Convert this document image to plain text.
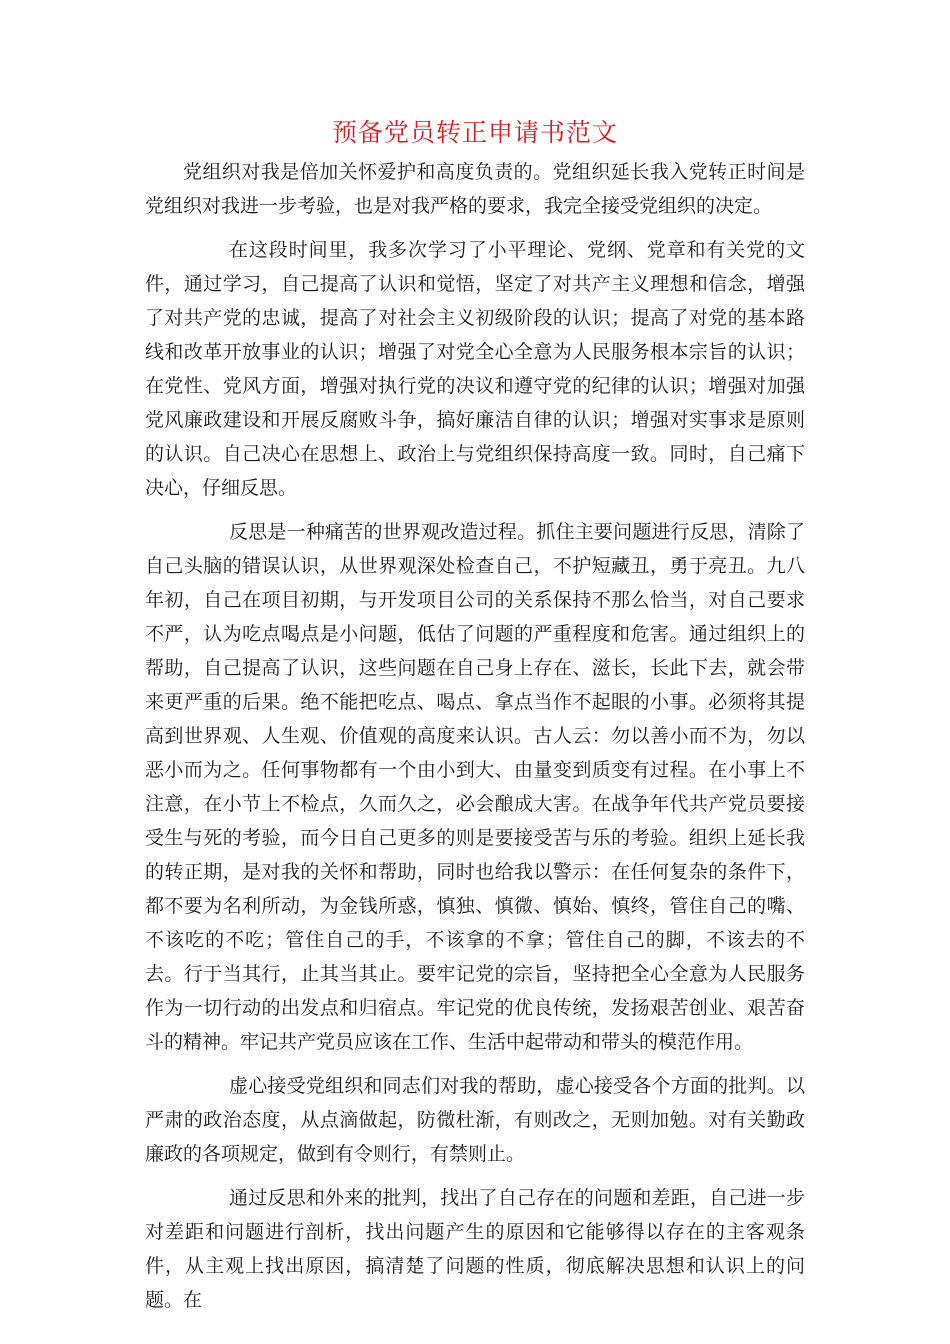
预备党员转正申请书范文

党组织对我是倍加关怀爱护和高度负责的。党组织延长我入党转正时间是党组织对我进一步考验，也是对我严格的要求，我完全接受党组织的决定。

在这段时间里，我多次学习了小平理论、党纲、党章和有关党的文件，通过学习，自己提高了认识和觉悟，坚定了对共产主义理想和信念，增强了对共产党的忠诚，提高了对社会主义初级阶段的认识；提高了对党的基本路线和改革开放事业的认识；增强了对党全心全意为人民服务根本宗旨的认识；在党性、党风方面，增强对执行党的决议和遵守党的纪律的认识；增强对加强党风廉政建设和开展反腐败斗争，搞好廉洁自律的认识；增强对实事求是原则的认识。自己决心在思想上、政治上与党组织保持高度一致。同时，自己痛下决心，仔细反思。

反思是一种痛苦的世界观改造过程。抓住主要问题进行反思，清除了自己头脑的错误认识，从世界观深处检查自己，不护短藏丑，勇于亮丑。九八年初，自己在项目初期，与开发项目公司的关系保持不那么恰当，对自己要求不严，认为吃点喝点是小问题，低估了问题的严重程度和危害。通过组织上的帮助，自己提高了认识，这些问题在自己身上存在、滋长，长此下去，就会带来更严重的后果。绝不能把吃点、喝点、拿点当作不起眼的小事。必须将其提高到世界观、人生观、价值观的高度来认识。古人云：勿以善小而不为，勿以恶小而为之。任何事物都有一个由小到大、由量变到质变有过程。在小事上不注意，在小节上不检点，久而久之，必会酿成大害。在战争年代共产党员要接受生与死的考验，而今日自己更多的则是要接受苦与乐的考验。组织上延长我的转正期，是对我的关怀和帮助，同时也给我以警示：在任何复杂的条件下，都不要为名利所动，为金钱所惑，慎独、慎微、慎始、慎终，管住自己的嘴、不该吃的不吃；管住自己的手，不该拿的不拿；管住自己的脚，不该去的不去。行于当其行，止其当其止。要牢记党的宗旨，坚持把全心全意为人民服务作为一切行动的出发点和归宿点。牢记党的优良传统，发扬艰苦创业、艰苦奋斗的精神。牢记共产党员应该在工作、生活中起带动和带头的模范作用。

虚心接受党组织和同志们对我的帮助，虚心接受各个方面的批判。以严肃的政治态度，从点滴做起，防微杜渐，有则改之，无则加勉。对有关勤政廉政的各项规定，做到有令则行，有禁则止。

通过反思和外来的批判，找出了自己存在的问题和差距，自己进一步对差距和问题进行剖析，找出问题产生的原因和它能够得以存在的主客观条件，从主观上找出原因，搞清楚了问题的性质，彻底解决思想和认识上的问题。在
